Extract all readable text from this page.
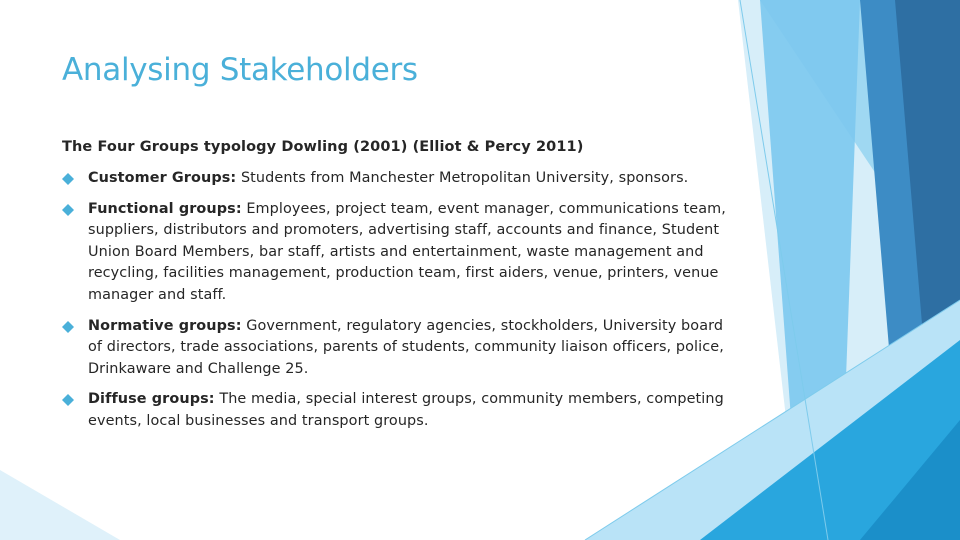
Analysing Stakeholders
The Four Groups typology Dowling (2001) (Elliot & Percy 2011)
Customer Groups: Students from Manchester Metropolitan University, sponsors.
Functional groups: Employees, project team, event manager, communications team, suppliers, distributors and promoters, advertising staff, accounts and finance, Student Union Board Members, bar staff, artists and entertainment, waste management and recycling, facilities management, production team, first aiders, venue, printers, venue manager and staff.
Normative groups: Government, regulatory agencies, stockholders, University board of directors, trade associations, parents of students, community liaison officers, police, Drinkaware and Challenge 25.
Diffuse groups: The media, special interest groups, community members, competing events, local businesses and transport groups.
